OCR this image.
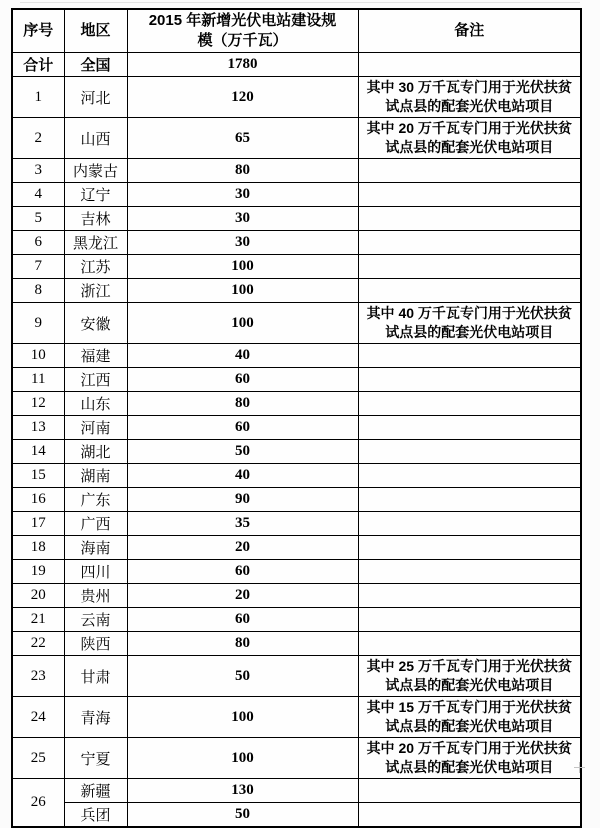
序号	地区	2015 年新增光伏电站建设规模（万千瓦）	备注
合计	全国	1780	
1	河北	120	其中 30 万千瓦专门用于光伏扶贫试点县的配套光伏电站项目
2	山西	65	其中 20 万千瓦专门用于光伏扶贫试点县的配套光伏电站项目
3	内蒙古	80	
4	辽宁	30	
5	吉林	30	
6	黑龙江	30	
7	江苏	100	
8	浙江	100	
9	安徽	100	其中 40 万千瓦专门用于光伏扶贫试点县的配套光伏电站项目
10	福建	40	
11	江西	60	
12	山东	80	
13	河南	60	
14	湖北	50	
15	湖南	40	
16	广东	90	
17	广西	35	
18	海南	20	
19	四川	60	
20	贵州	20	
21	云南	60	
22	陕西	80	
23	甘肃	50	其中 25 万千瓦专门用于光伏扶贫试点县的配套光伏电站项目
24	青海	100	其中 15 万千瓦专门用于光伏扶贫试点县的配套光伏电站项目
25	宁夏	100	其中 20 万千瓦专门用于光伏扶贫试点县的配套光伏电站项目
26	新疆	130	
	兵团	50	
